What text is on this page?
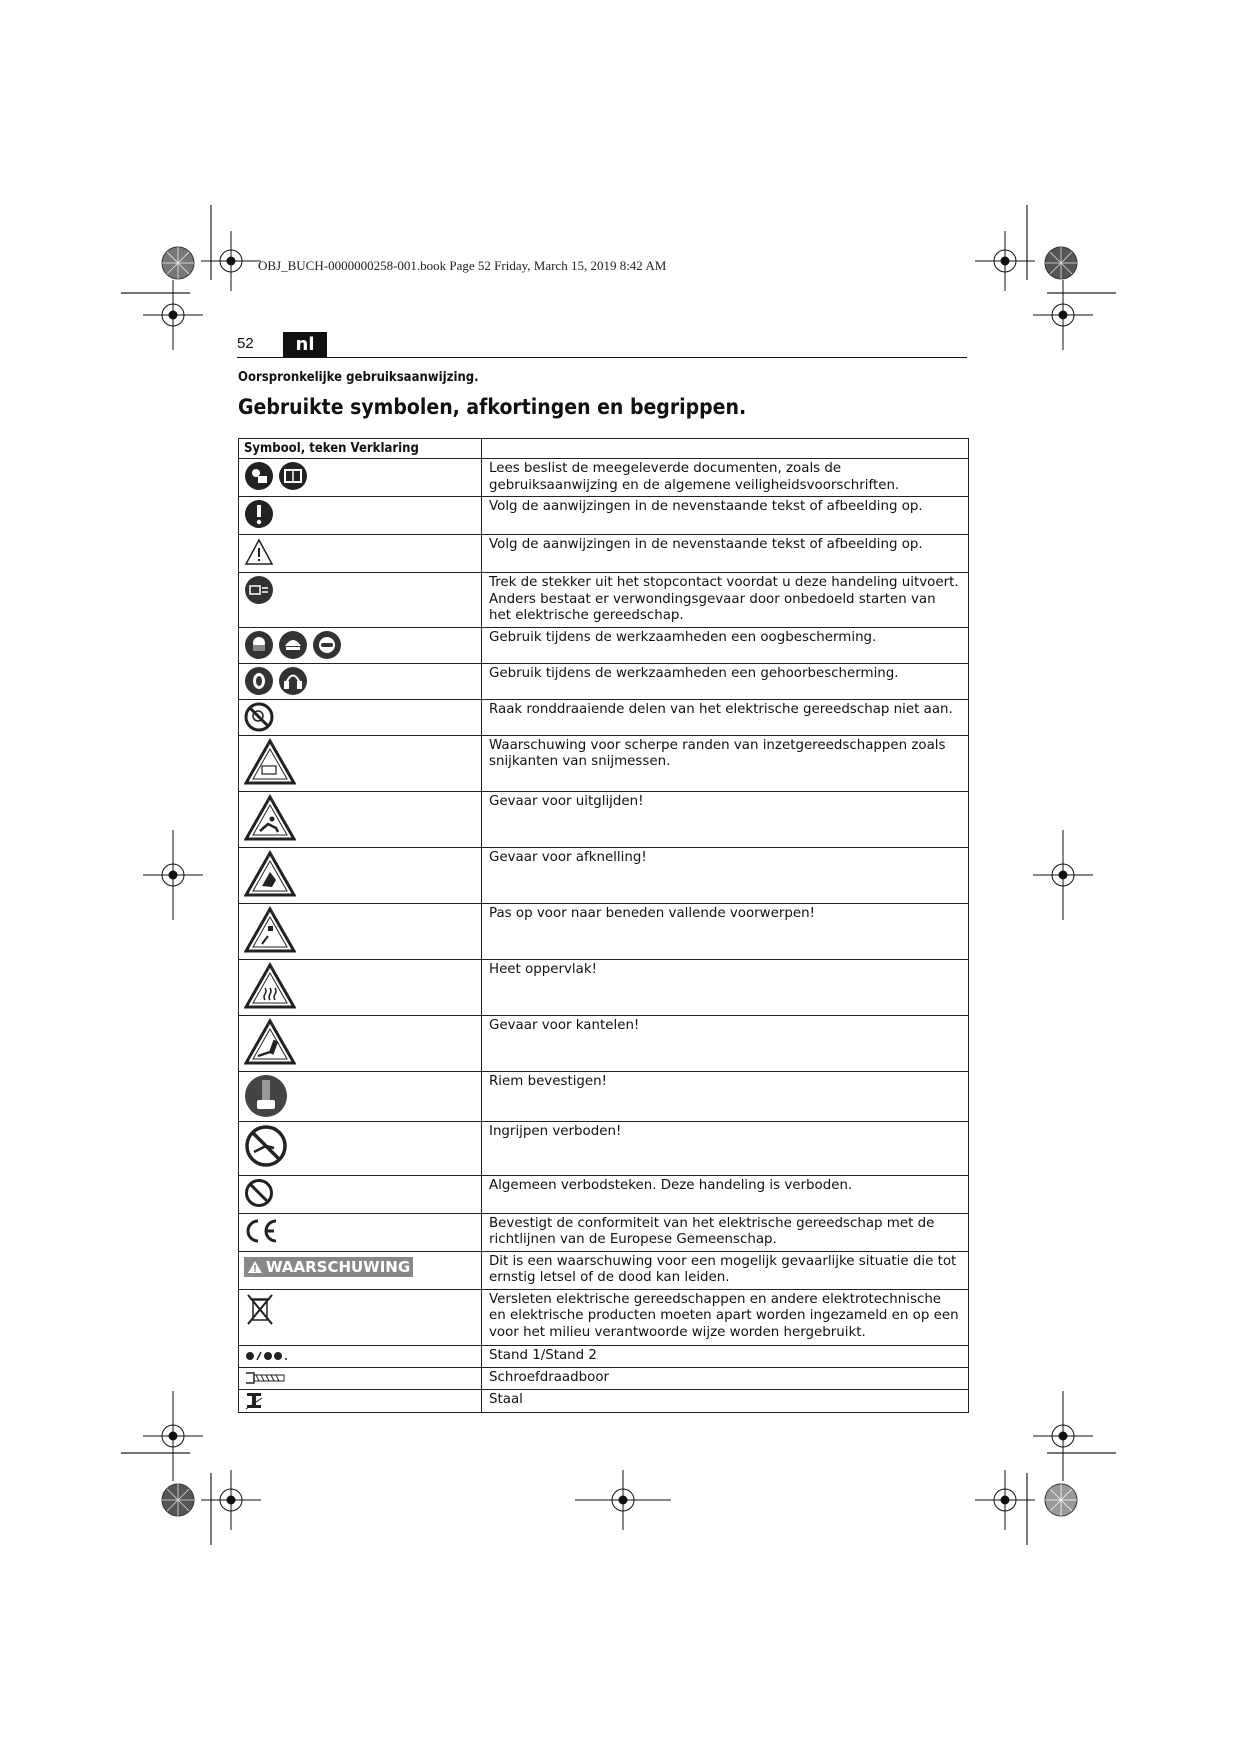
OBJ_BUCH-0000000258-001.book Page 52 Friday, March 15, 2019 8:42 AM
52	nl
Oorspronkelijke gebruiksaanwijzing.
Gebruikte symbolen, afkortingen en begrippen.
Symbool, teken Verklaring	

	Lees beslist de meegeleverde documenten, zoals de gebruiksaanwijzing en de algemene veiligheidsvoorschriften.

	Volg de aanwijzingen in de nevenstaande tekst of afbeelding op.

	Volg de aanwijzingen in de nevenstaande tekst of afbeelding op.

	Trek de stekker uit het stopcontact voordat u deze handeling uitvoert. Anders bestaat er verwondingsgevaar door onbedoeld starten van het elektrische gereedschap.

	Gebruik tijdens de werkzaamheden een oogbescherming.

	Gebruik tijdens de werkzaamheden een gehoorbescherming.

	Raak ronddraaiende delen van het elektrische gereedschap niet aan.

	Waarschuwing voor scherpe randen van inzetgereedschappen zoals snijkanten van snijmessen.

	Gevaar voor uitglijden!

	Gevaar voor afknelling!

	Pas op voor naar beneden vallende voorwerpen!

	Heet oppervlak!

	Gevaar voor kantelen!

	Riem bevestigen!

	Ingrijpen verboden!

	Algemeen verbodsteken. Deze handeling is verboden.

	Bevestigt de conformiteit van het elektrische gereedschap met de richtlijnen van de Europese Gemeenschap.

WAARSCHUWING	Dit is een waarschuwing voor een mogelijk gevaarlijke situatie die tot ernstig letsel of de dood kan leiden.

	Versleten elektrische gereedschappen en andere elektrotechnische en elektrische producten moeten apart worden ingezameld en op een voor het milieu verantwoorde wijze worden hergebruikt.

	Stand 1/Stand 2

	Schroefdraadboor

	Staal
